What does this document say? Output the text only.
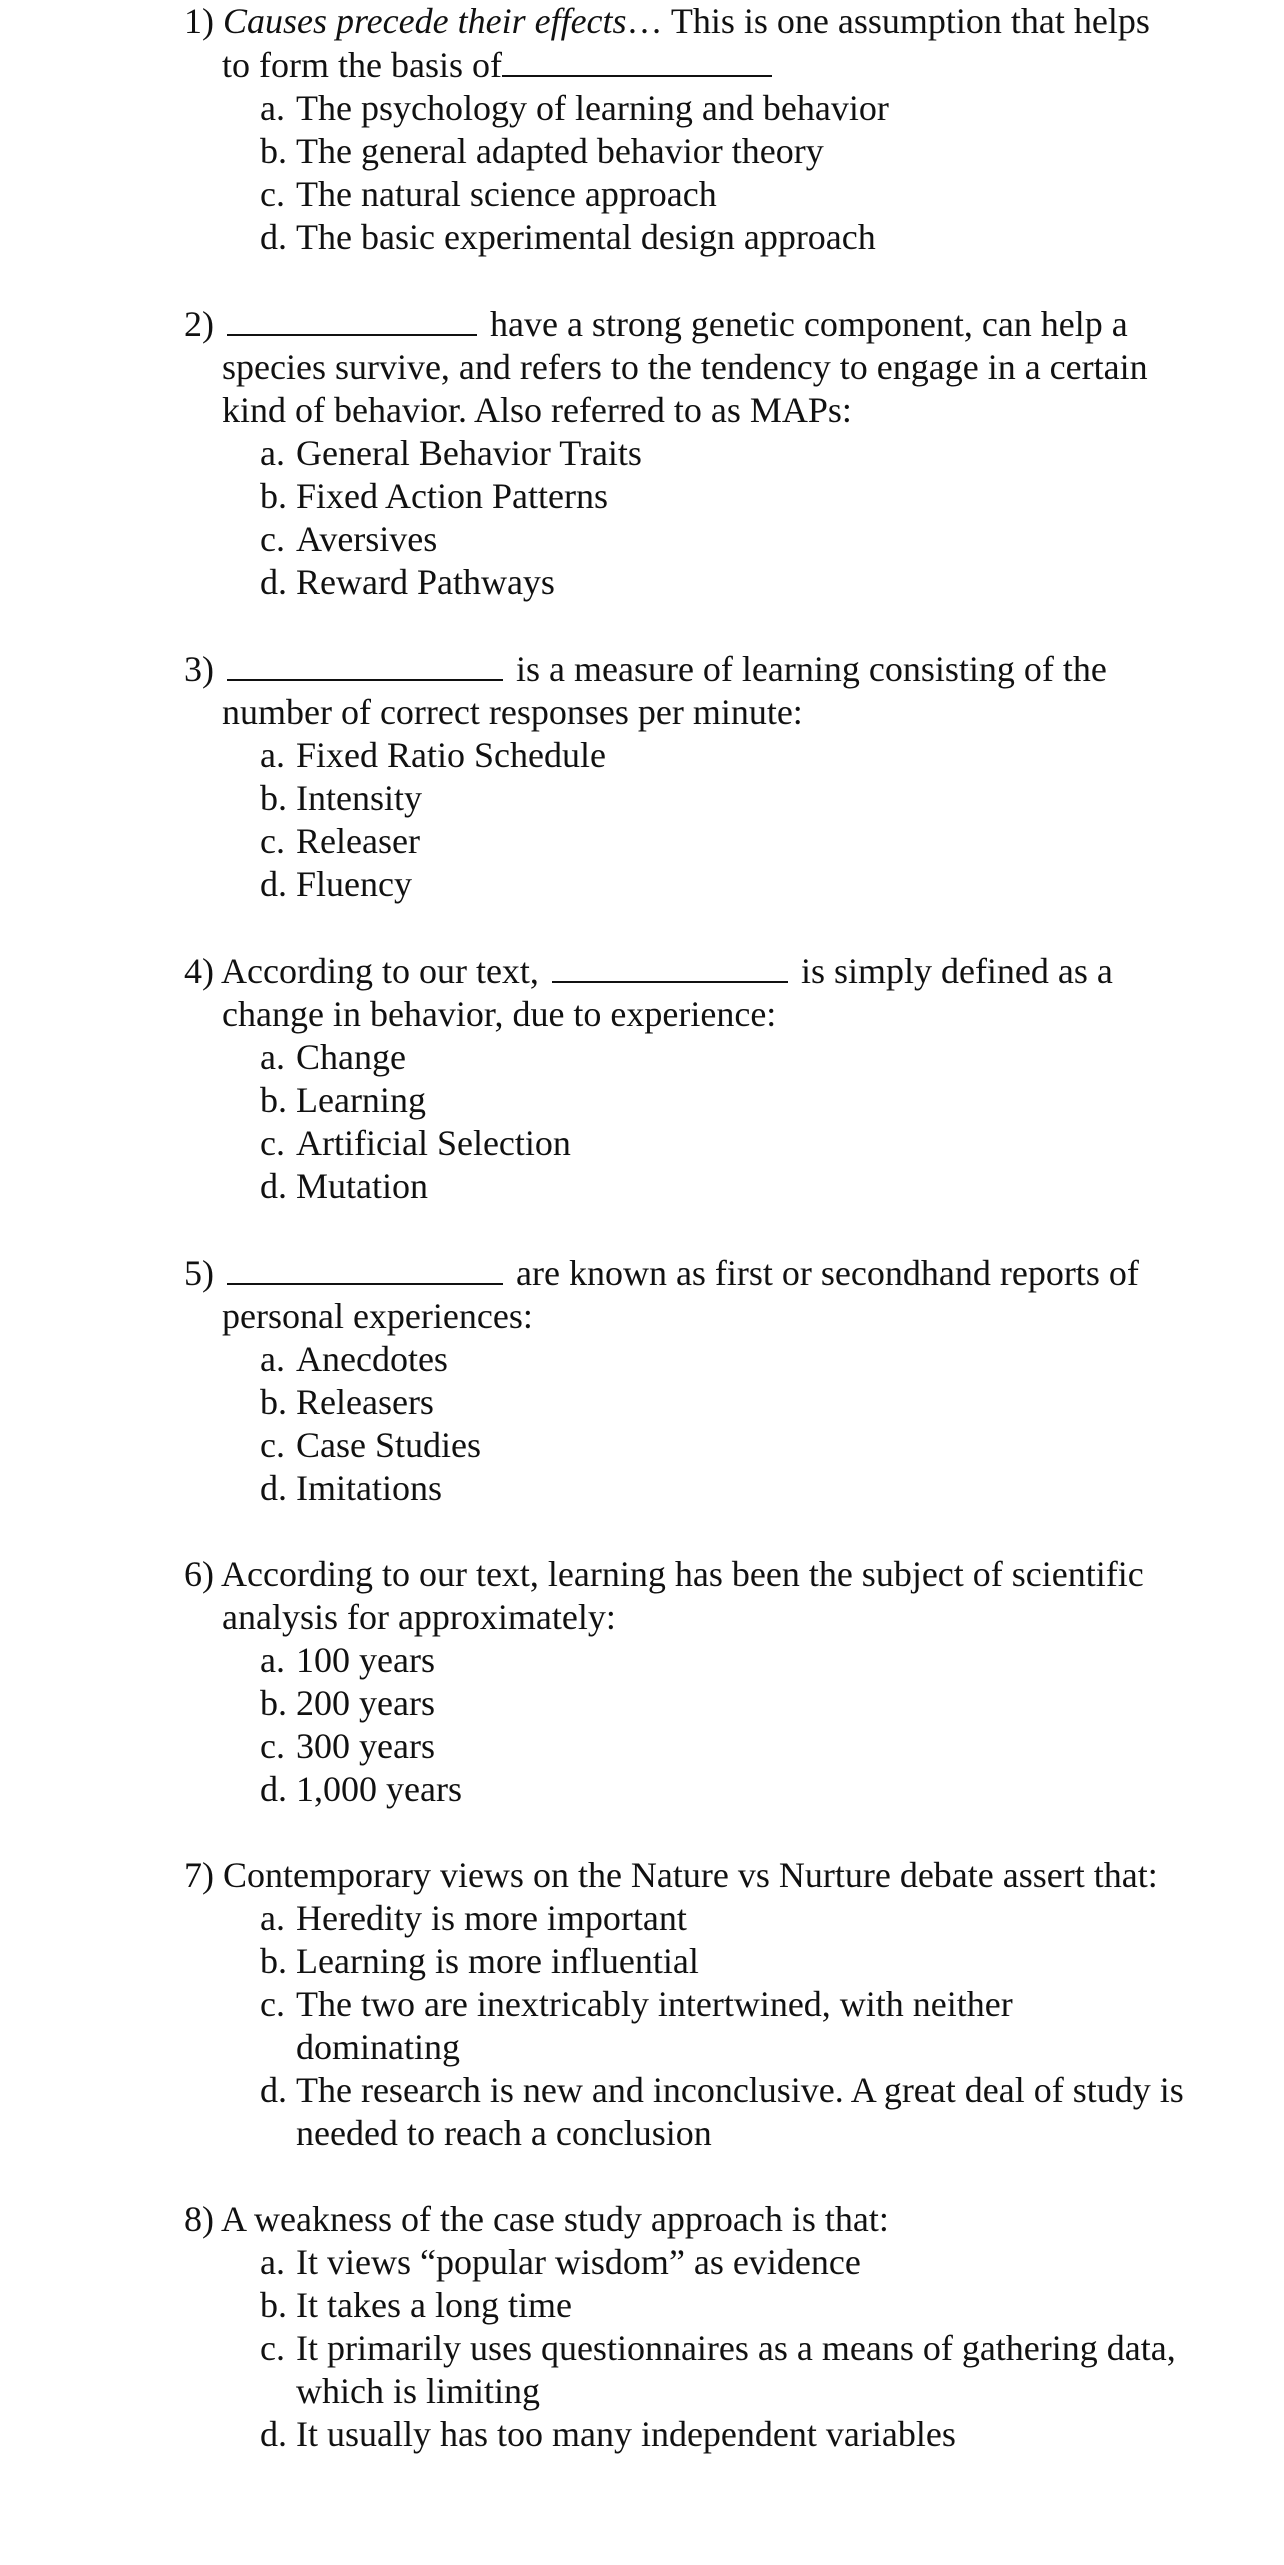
1) Causes precede their effects… This is one assumption that helps to form the basis of

a. The psychology of learning and behavior
b. The general adapted behavior theory
c. The natural science approach
d. The basic experimental design approach

2)	have a strong genetic component, can help a species survive, and refers to the tendency to engage in a certain kind of behavior. Also referred to as MAPs:

a. General Behavior Traits
b. Fixed Action Patterns
c. Aversives
d. Reward Pathways

3)	is a measure of learning consisting of the number of correct responses per minute:

a. Fixed Ratio Schedule
b. Intensity
c. Releaser
d. Fluency

4) According to our text,	is simply defined as a change in behavior, due to experience:

a. Change
b. Learning
c. Artificial Selection
d. Mutation

5)	are known as first or secondhand reports of personal experiences:

a. Anecdotes
b. Releasers
c. Case Studies
d. Imitations

6) According to our text, learning has been the subject of scientific analysis for approximately:

a. 100 years
b. 200 years
c. 300 years
d. 1,000 years

7) Contemporary views on the Nature vs Nurture debate assert that:

a. Heredity is more important
b. Learning is more influential
c. The two are inextricably intertwined, with neither dominating
d. The research is new and inconclusive. A great deal of study is needed to reach a conclusion

8) A weakness of the case study approach is that:

a. It views “popular wisdom” as evidence
b. It takes a long time
c. It primarily uses questionnaires as a means of gathering data, which is limiting
d. It usually has too many independent variables
